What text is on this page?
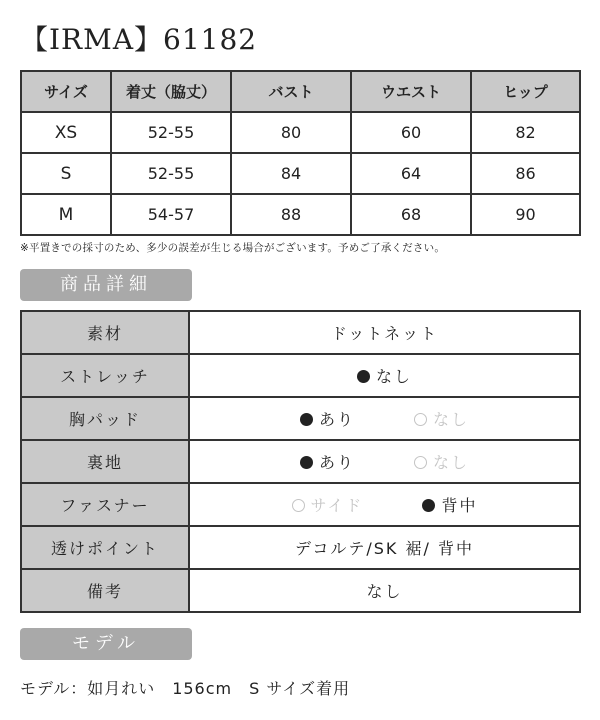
【IRMA】61182
サイズ	着丈（脇丈）	バスト	ウエスト	ヒップ
XS	52-55	80	60	82
S	52-55	84	64	86
M	54-57	88	68	90
※平置きでの採寸のため、多少の誤差が生じる場合がございます。予めご了承ください。
商品詳細
素材	ドットネット
ストレッチ	なし
胸パッド	あり なし
裏地	あり なし
ファスナー	サイド 背中
透けポイント	デコルテ/SK 裾/ 背中
備考	なし
モデル
モデル：如月れい　156cm　S サイズ着用
